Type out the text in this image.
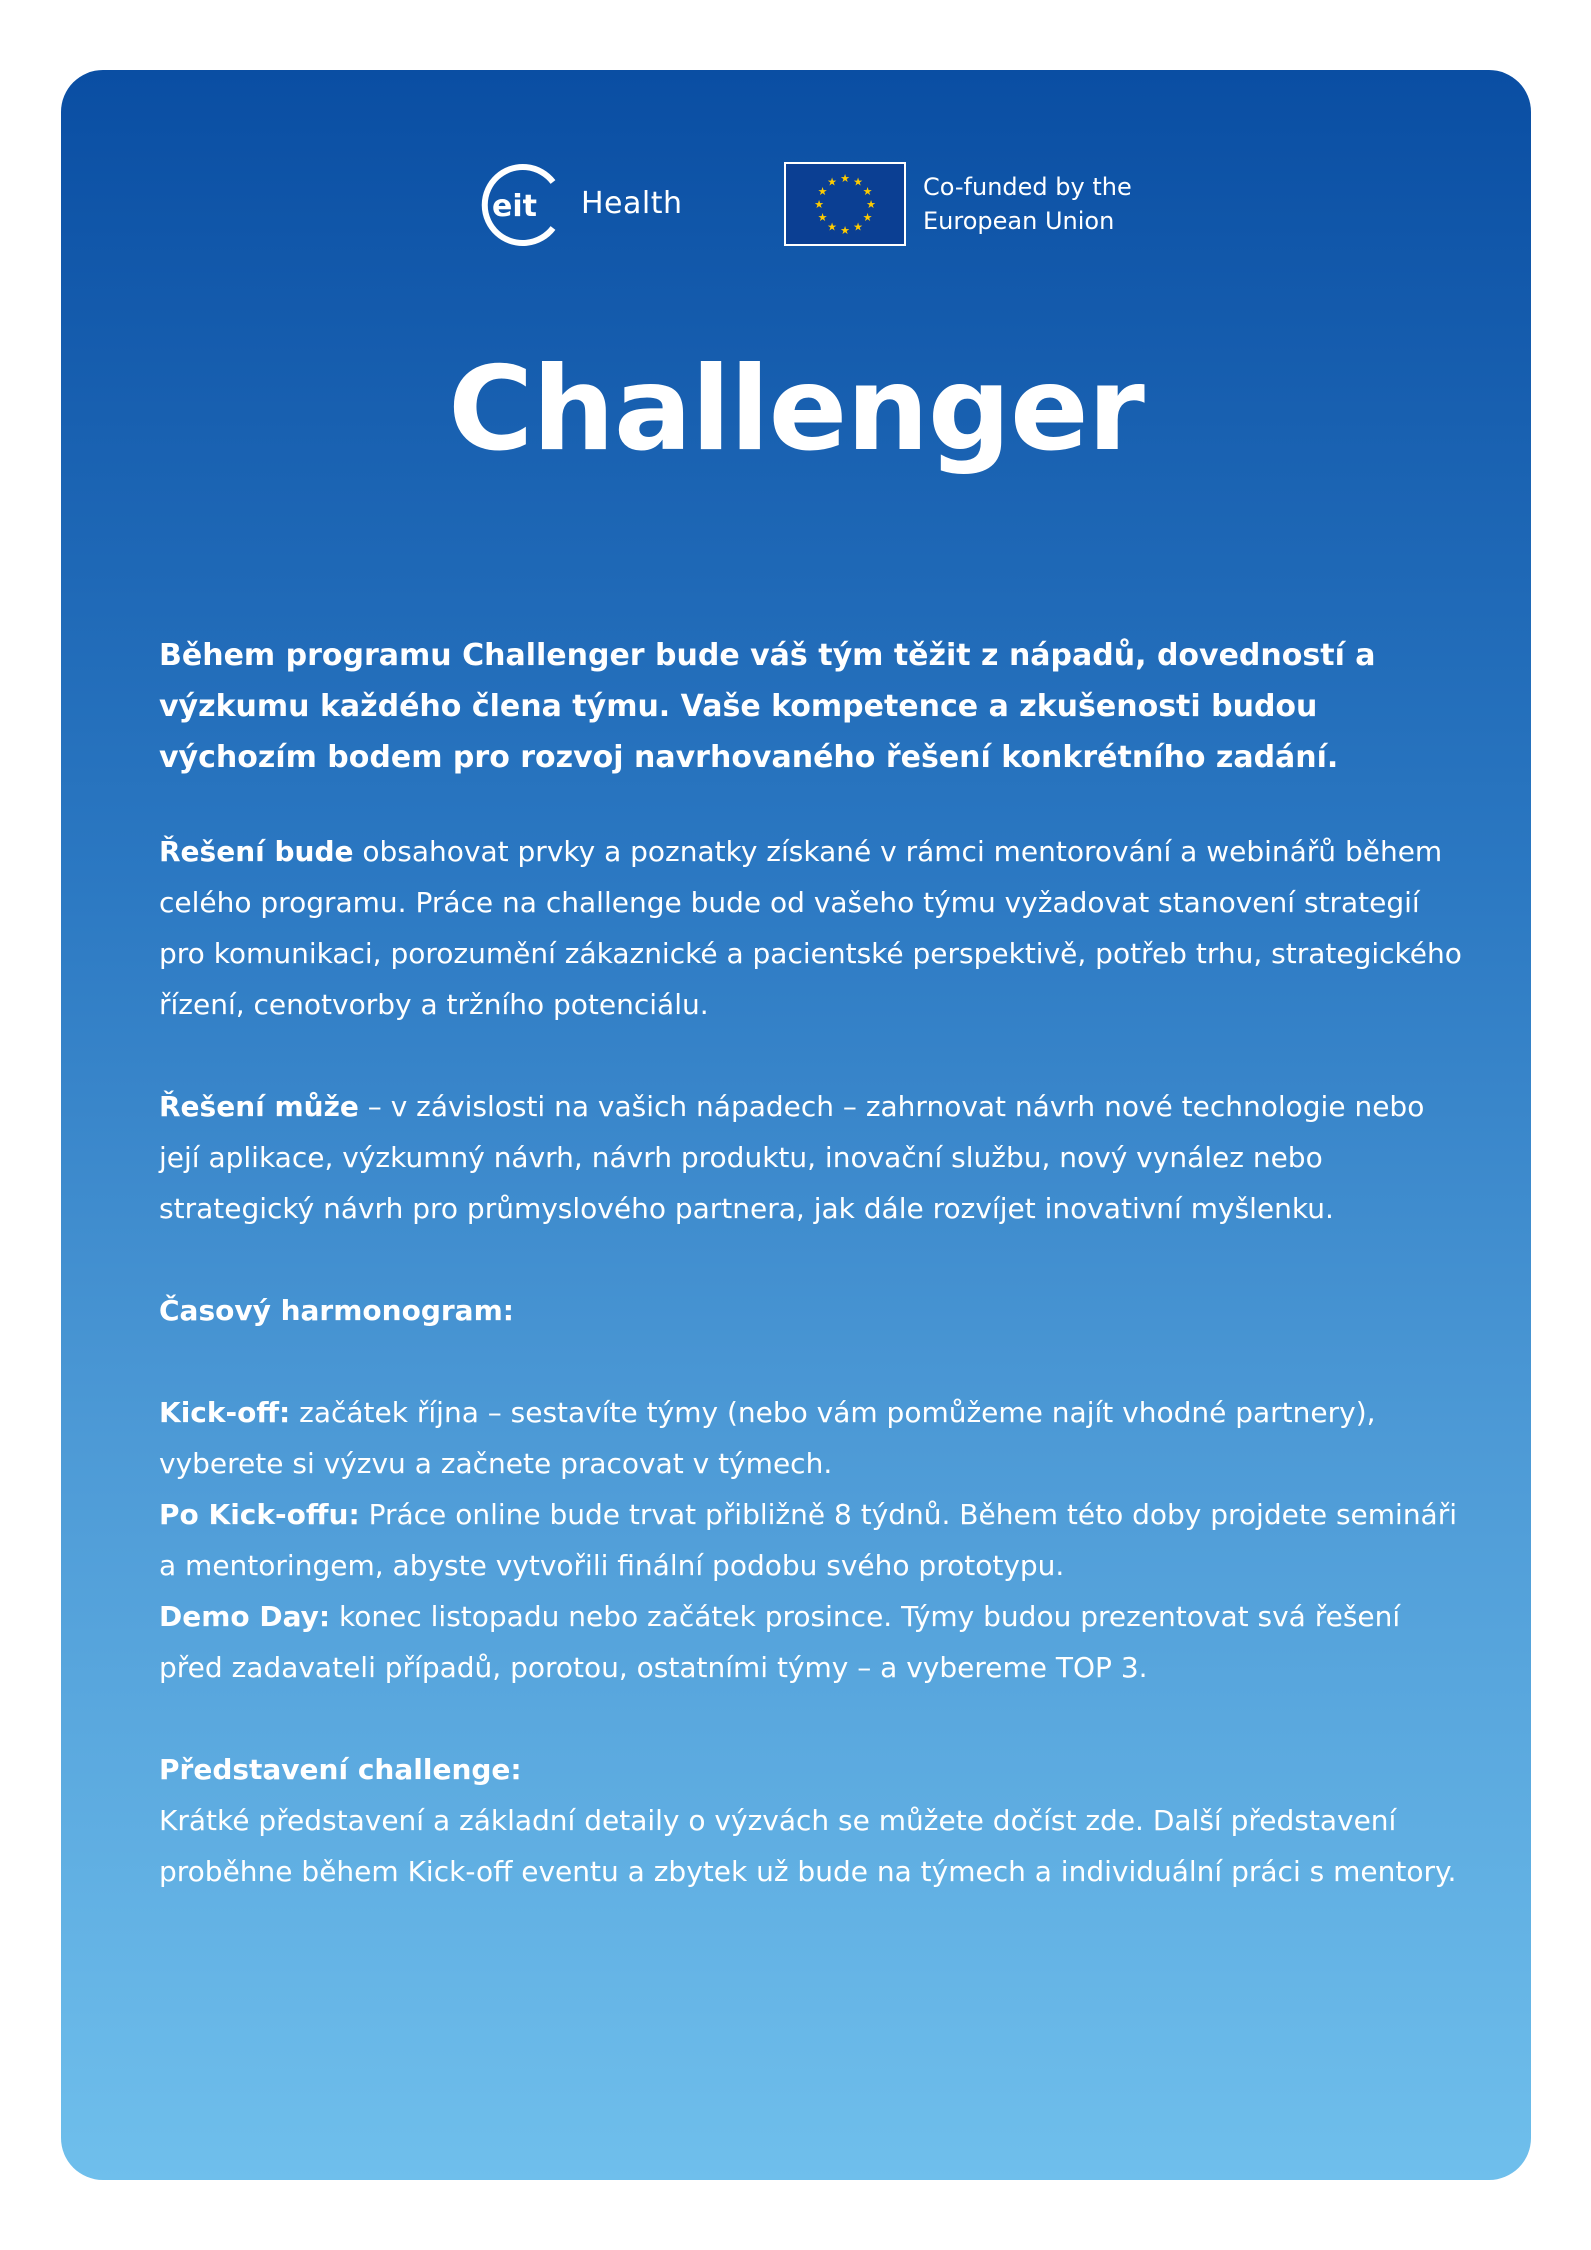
eit Health
★ ★
★
★
★
★
★
★
★
★
★
★	Co-funded by the
European Union
Challenger

Během programu Challenger bude váš tým těžit z nápadů, dovedností a výzkumu každého člena týmu. Vaše kompetence a zkušenosti budou výchozím bodem pro rozvoj navrhovaného řešení konkrétního zadání.

Řešení bude obsahovat prvky a poznatky získané v rámci mentorování a webinářů během celého programu. Práce na challenge bude od vašeho týmu vyžadovat stanovení strategií pro komunikaci, porozumění zákaznické a pacientské perspektivě, potřeb trhu, strategického řízení, cenotvorby a tržního potenciálu.

Řešení může – v závislosti na vašich nápadech – zahrnovat návrh nové technologie nebo její aplikace, výzkumný návrh, návrh produktu, inovační službu, nový vynález nebo strategický návrh pro průmyslového partnera, jak dále rozvíjet inovativní myšlenku.

Časový harmonogram:

Kick-off: začátek října – sestavíte týmy (nebo vám pomůžeme najít vhodné partnery), vyberete si výzvu a začnete pracovat v týmech.

Po Kick-offu: Práce online bude trvat přibližně 8 týdnů. Během této doby projdete semináři a mentoringem, abyste vytvořili finální podobu svého prototypu.

Demo Day: konec listopadu nebo začátek prosince. Týmy budou prezentovat svá řešení před zadavateli případů, porotou, ostatními týmy – a vybereme TOP 3.

Představení challenge:

Krátké představení a základní detaily o výzvách se můžete dočíst zde. Další představení proběhne během Kick-off eventu a zbytek už bude na týmech a individuální práci s mentory.
